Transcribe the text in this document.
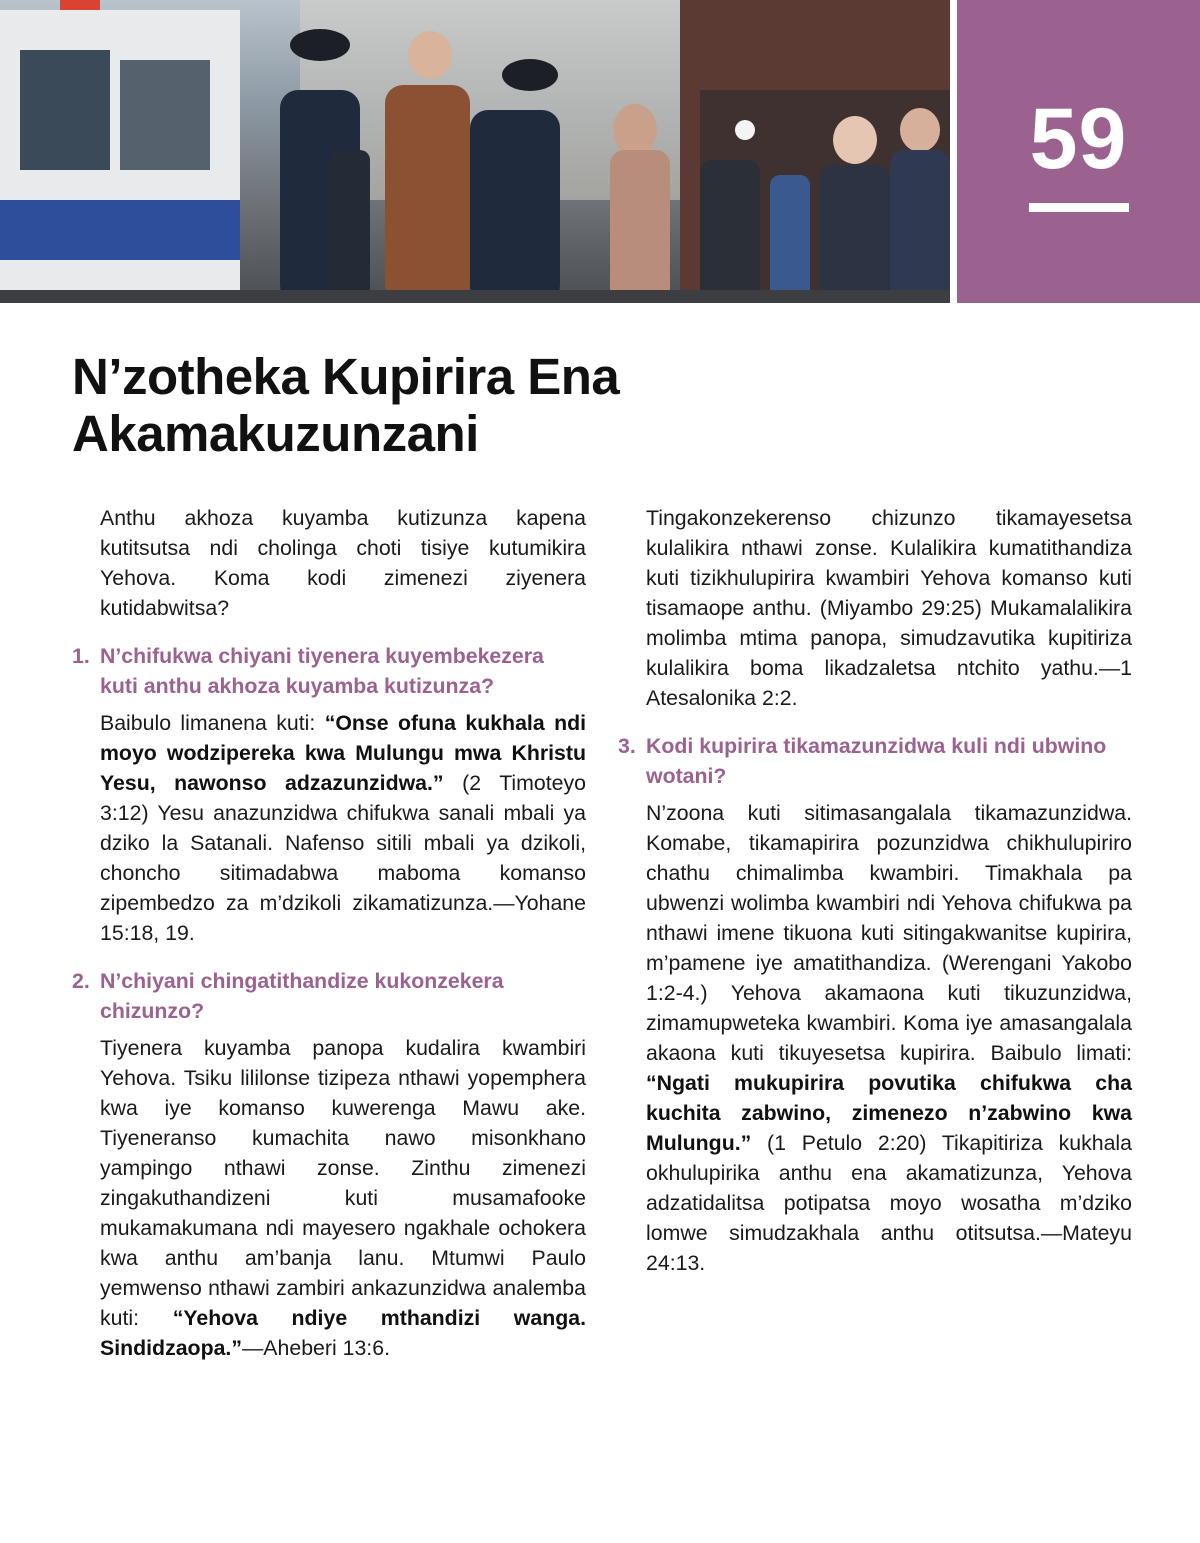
59
N’zotheka Kupirira Ena
Akamakuzunzani

Anthu akhoza kuyamba kutizunza kapena kutitsutsa ndi cholinga choti tisiye kutumikira Yehova. Koma kodi zimenezi ziyenera kutidabwitsa?

1. N’chifukwa chiyani tiyenera kuyembekezera kuti anthu akhoza kuyamba kutizunza?

Baibulo limanena kuti: “Onse ofuna kukhala ndi moyo wodzipereka kwa Mulungu mwa Khristu Yesu, nawonso adzazunzidwa.” (2 Timoteyo 3:12) Yesu anazunzidwa chifukwa sanali mbali ya dziko la Satanali. Nafenso sitili mbali ya dzikoli, choncho sitimadabwa maboma komanso zipembedzo za m’dzikoli zikamatizunza.—Yohane 15:18, 19.

2. N’chiyani chingatithandize kukonzekera chizunzo?

Tiyenera kuyamba panopa kudalira kwambiri Yehova. Tsiku lililonse tizipeza nthawi yopemphera kwa iye komanso kuwerenga Mawu ake. Tiyeneranso kumachita nawo misonkhano yampingo nthawi zonse. Zinthu zimenezi zingakuthandizeni kuti musamafooke mukamakumana ndi mayesero ngakhale ochokera kwa anthu am’banja lanu. Mtumwi Paulo yemwenso nthawi zambiri ankazunzidwa analemba kuti: “Yehova ndiye mthandizi wanga. Sindidzaopa.”—Aheberi 13:6.

Tingakonzekerenso chizunzo tikamayesetsa kulalikira nthawi zonse. Kulalikira kumatithandiza kuti tizikhulupirira kwambiri Yehova komanso kuti tisamaope anthu. (Miyambo 29:25) Mukamalalikira molimba mtima panopa, simudzavutika kupitiriza kulalikira boma likadzaletsa ntchito yathu.—1 Atesalonika 2:2.

3. Kodi kupirira tikamazunzidwa kuli ndi ubwino wotani?

N’zoona kuti sitimasangalala tikamazunzidwa. Komabe, tikamapirira pozunzidwa chikhulupiriro chathu chimalimba kwambiri. Timakhala pa ubwenzi wolimba kwambiri ndi Yehova chifukwa pa nthawi imene tikuona kuti sitingakwanitse kupirira, m’pamene iye amatithandiza. (Werengani Yakobo 1:2-4.) Yehova akamaona kuti tikuzunzidwa, zimamupweteka kwambiri. Koma iye amasangalala akaona kuti tikuyesetsa kupirira. Baibulo limati: “Ngati mukupirira povutika chifukwa cha kuchita zabwino, zimenezo n’zabwino kwa Mulungu.” (1 Petulo 2:20) Tikapitiriza kukhala okhulupirika anthu ena akamatizunza, Yehova adzatidalitsa potipatsa moyo wosatha m’dziko lomwe simudzakhala anthu otitsutsa.—Mateyu 24:13.
